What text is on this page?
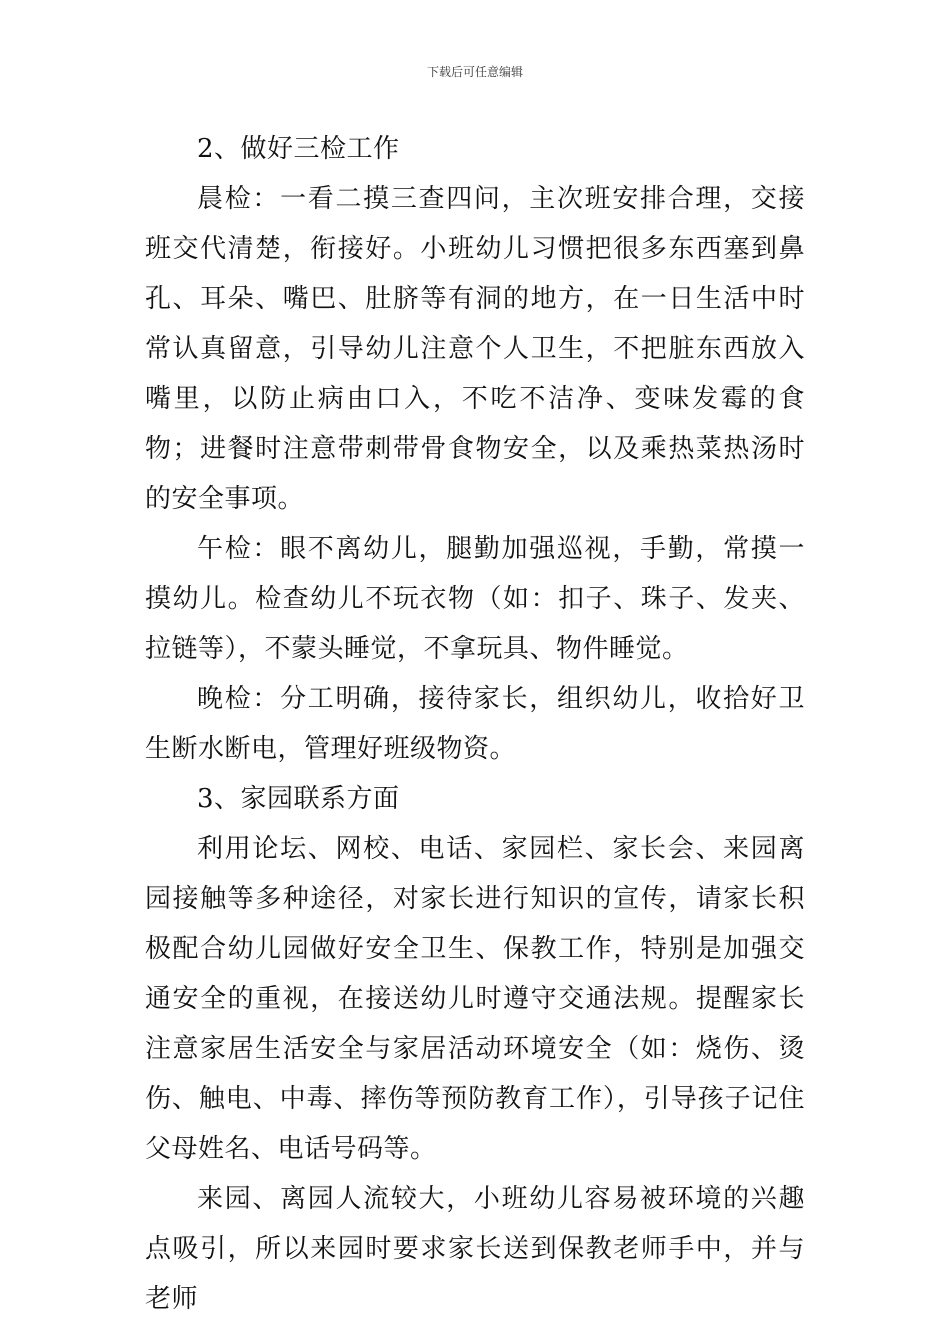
下载后可任意编辑

2、做好三检工作

晨检：一看二摸三查四问，主次班安排合理，交接班交代清楚，衔接好。小班幼儿习惯把很多东西塞到鼻孔、耳朵、嘴巴、肚脐等有洞的地方，在一日生活中时常认真留意，引导幼儿注意个人卫生，不把脏东西放入嘴里，以防止病由口入，不吃不洁净、变味发霉的食物；进餐时注意带刺带骨食物安全，以及乘热菜热汤时的安全事项。

午检：眼不离幼儿，腿勤加强巡视，手勤，常摸一摸幼儿。检查幼儿不玩衣物（如：扣子、珠子、发夹、拉链等），不蒙头睡觉，不拿玩具、物件睡觉。

晚检：分工明确，接待家长，组织幼儿，收拾好卫生断水断电，管理好班级物资。

3、家园联系方面

利用论坛、网校、电话、家园栏、家长会、来园离园接触等多种途径，对家长进行知识的宣传，请家长积极配合幼儿园做好安全卫生、保教工作，特别是加强交通安全的重视，在接送幼儿时遵守交通法规。提醒家长注意家居生活安全与家居活动环境安全（如：烧伤、烫伤、触电、中毒、摔伤等预防教育工作），引导孩子记住父母姓名、电话号码等。

来园、离园人流较大，小班幼儿容易被环境的兴趣点吸引，所以来园时要求家长送到保教老师手中，并与老师
